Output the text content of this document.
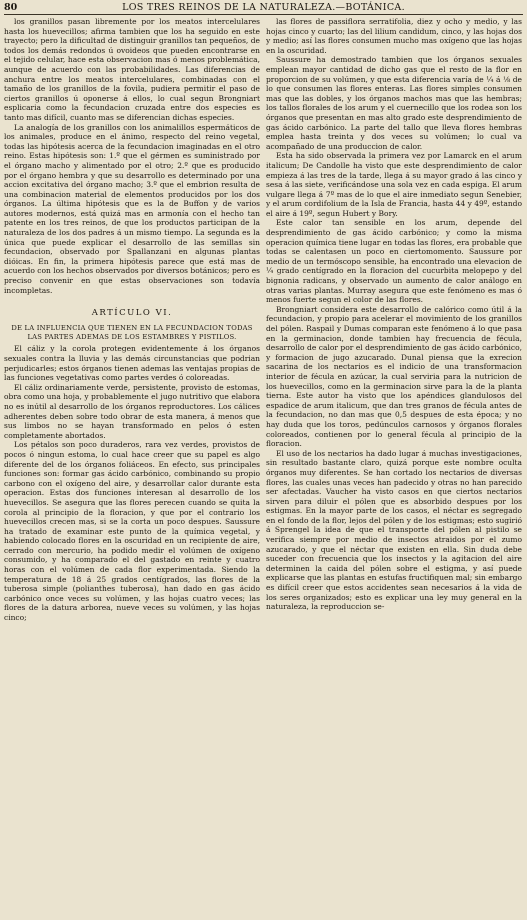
80	LOS TRES REINOS DE LA NATURALEZA.—BOTÁNICA.

los granillos pasan libremente por los meatos intercelulares hasta los huevecillos; afirma tambien que los ha seguido en este trayecto; pero la dificultad de distinguir granillos tan pequeños, de todos los demás redondos ú ovoideos que pueden encontrarse en el tejido celular, hace esta observacion mas ó menos problemática, aunque de acuerdo con las probabilidades. Las diferencias de anchura entre los meatos intercelulares, combinadas con el tamaño de los granillos de la fovila, pudiera permitir el paso de ciertos granillos ú oponerse á ellos, lo cual segun Brongniart esplicaria como la fecundacion cruzada entre dos especies es tanto mas difícil, cuanto mas se diferencian dichas especies.

La analogía de los granillos con los animalillos espermáticos de los animales, produce en el ánimo, respecto del reino vegetal, todas las hipótesis acerca de la fecundacion imaginadas en el otro reino. Estas hipótesis son: 1.º que el gérmen es suministrado por el órgano macho y alimentado por el otro; 2.º que es producido por el órgano hembra y que su desarrollo es determinado por una accion excitativa del órgano macho; 3.º que el embrion resulta de una combinacion material de elementos producidos por los dos órganos. La última hipótesis que es la de Buffon y de varios autores modernos, está quizá mas en armonía con el hecho tan patente en los tres reinos, de que los productos participan de la naturaleza de los dos padres á un mismo tiempo. La segunda es la única que puede explicar el desarrollo de las semillas sin fecundacion, observado por Spallanzani en algunas plantas dióicas. En fin, la primera hipótesis parece que está mas de acuerdo con los hechos observados por diversos botánicos; pero es preciso convenir en que estas observaciones son todavía incompletas.

ARTÍCULO VI.
DE LA INFLUENCIA QUE TIENEN EN LA FECUNDACION TODAS
LAS PARTES ADEMAS DE LOS ESTAMBRES Y PISTILOS.

El cáliz y la corola protegen evidentemente á los órganos sexuales contra la lluvia y las demás circunstancias que podrian perjudicarles; estos órganos tienen ademas las ventajas propias de las funciones vegetativas como partes verdes ó coloreadas.

El cáliz ordinariamente verde, persistente, provisto de estomas, obra como una hoja, y probablemente el jugo nutritivo que elabora no es inútil al desarrollo de los órganos reproductores. Los cálices adherentes deben sobre todo obrar de esta manera, á menos que sus limbos no se hayan transformado en pelos ó esten completamente abortados.

Los pétalos son poco duraderos, rara vez verdes, provistos de pocos ó ningun estoma, lo cual hace creer que su papel es algo diferente del de los órganos foliáceos. En efecto, sus principales funciones son: formar gas ácido carbónico, combinando su propio carbono con el oxígeno del aire, y desarrollar calor durante esta operacion. Estas dos funciones interesan al desarrollo de los huevecillos. Se asegura que las flores perecen cuando se quita la corola al principio de la floracion, y que por el contrario los huevecillos crecen mas, si se la corta un poco despues. Saussure ha tratado de examinar este punto de la química vegetal, y habiendo colocado flores en la oscuridad en un recipiente de aire, cerrado con mercurio, ha podido medir el volúmen de oxígeno consumido, y ha comparado el del gastado en reinte y cuatro horas con el volúmen de cada flor experimentada. Siendo la temperatura de 18 á 25 grados centígrados, las flores de la tuberosa simple (polianthes tuberosa), han dado en gas ácido carbónico once veces su volúmen, y las hojas cuatro veces; las flores de la datura arborea, nueve veces su volúmen, y las hojas cinco;

las flores de passiflora serratifolia, diez y ocho y medio, y las hojas cinco y cuarto; las del lilium candidum, cinco, y las hojas dos y medio; así las flores consumen mucho mas oxígeno que las hojas en la oscuridad.

Saussure ha demostrado tambien que los órganos sexuales emplean mayor cantidad de dicho gas que el resto de la flor en proporcion de su volúmen, y que esta diferencia varía de ¼ á ⅛ de lo que consumen las flores enteras. Las flores simples consumen mas que las dobles, y los órganos machos mas que las hembras; los tallos florales de los arum y el cuernecillo que los rodea son los órganos que presentan en mas alto grado este desprendimiento de gas ácido carbónico. La parte del tallo que lleva flores hembras emplea hasta treinta y dos veces su volúmen; lo cual va acompañado de una produccion de calor.

Esta ha sido observada la primera vez por Lamarck en el arum italicum; De Candolle ha visto que este desprendimiento de calor empieza á las tres de la tarde, llega á su mayor grado á las cinco y sesa á las siete, verificándose una sola vez en cada espiga. El arum vulgare llega á 7º mas de lo que el aire inmediato segun Senebier, y el arum cordifolium de la Isla de Francia, hasta 44 y 49º, estando el aire á 19º, segun Hubert y Bory.

Este calor tan sensible en los arum, depende del desprendimiento de gas ácido carbónico; y como la misma operacion química tiene lugar en todas las flores, era probable que todas se calentasen un poco en ciertomomento. Saussure por medio de un termóscopo sensible, ha encontrado una elevacion de ¼ grado centígrado en la floracion del cucurbita melopepo y del bignonia radicans, y observado un aumento de calor análogo en otras varias plantas. Murray asegura que este fenómeno es mas ó menos fuerte segun el color de las flores.

Brongniart considera este desarrollo de calórico como útil á la fecundacion, y propio para acelerar el movimiento de los granillos del pólen. Raspail y Dumas comparan este fenómeno á lo que pasa en la germinacion, donde tambien hay frecuencia de fécula, desarrollo de calor por el desprendimiento de gas ácido carbónico, y formacion de jugo azucarado. Dunal piensa que la exrecion sacarina de los nectarios es el indicio de una transformacion interior de fécula en azúcar, la cual serviria para la nutricion de los huevecillos, como en la germinacion sirve para la de la planta tierna. Este autor ha visto que los apéndices glandulosos del espadice de arum italicum, que dan tres granos de fécula antes de la fecundacion, no dan mas que 0,5 despues de esta época; y no hay duda que los toros, pedúnculos carnosos y órganos florales coloreados, contienen por lo general fécula al principio de la floracion.

El uso de los nectarios ha dado lugar á muchas investigaciones, sin resultado bastante claro, quizá porque este nombre oculta órganos muy diferentes. Se han cortado los nectarios de diversas flores, las cuales unas veces han padecido y otras no han parecido ser afectadas. Vaucher ha visto casos en que ciertos nectarios sirven para diluir el pólen que es absorbido despues por los estigmas. En la mayor parte de los casos, el néctar es segregado en el fondo de la flor, lejos del pólen y de los estigmas; esto sugirió á Sprengel la idea de que el transporte del pólen al pistilo se verifica siempre por medio de insectos atraidos por el zumo azucarado, y que el néctar que existen en ella. Sin duda debe suceder con frecuencia que los insectos y la agitacion del aire determinen la caida del pólen sobre el estigma, y así puede explicarse que las plantas en estufas fructifiquen mal; sin embargo es difícil creer que estos accidentes sean necesarios á la vida de los seres organizados; esto es explicar una ley muy general en la naturaleza, la reproduccion se-
